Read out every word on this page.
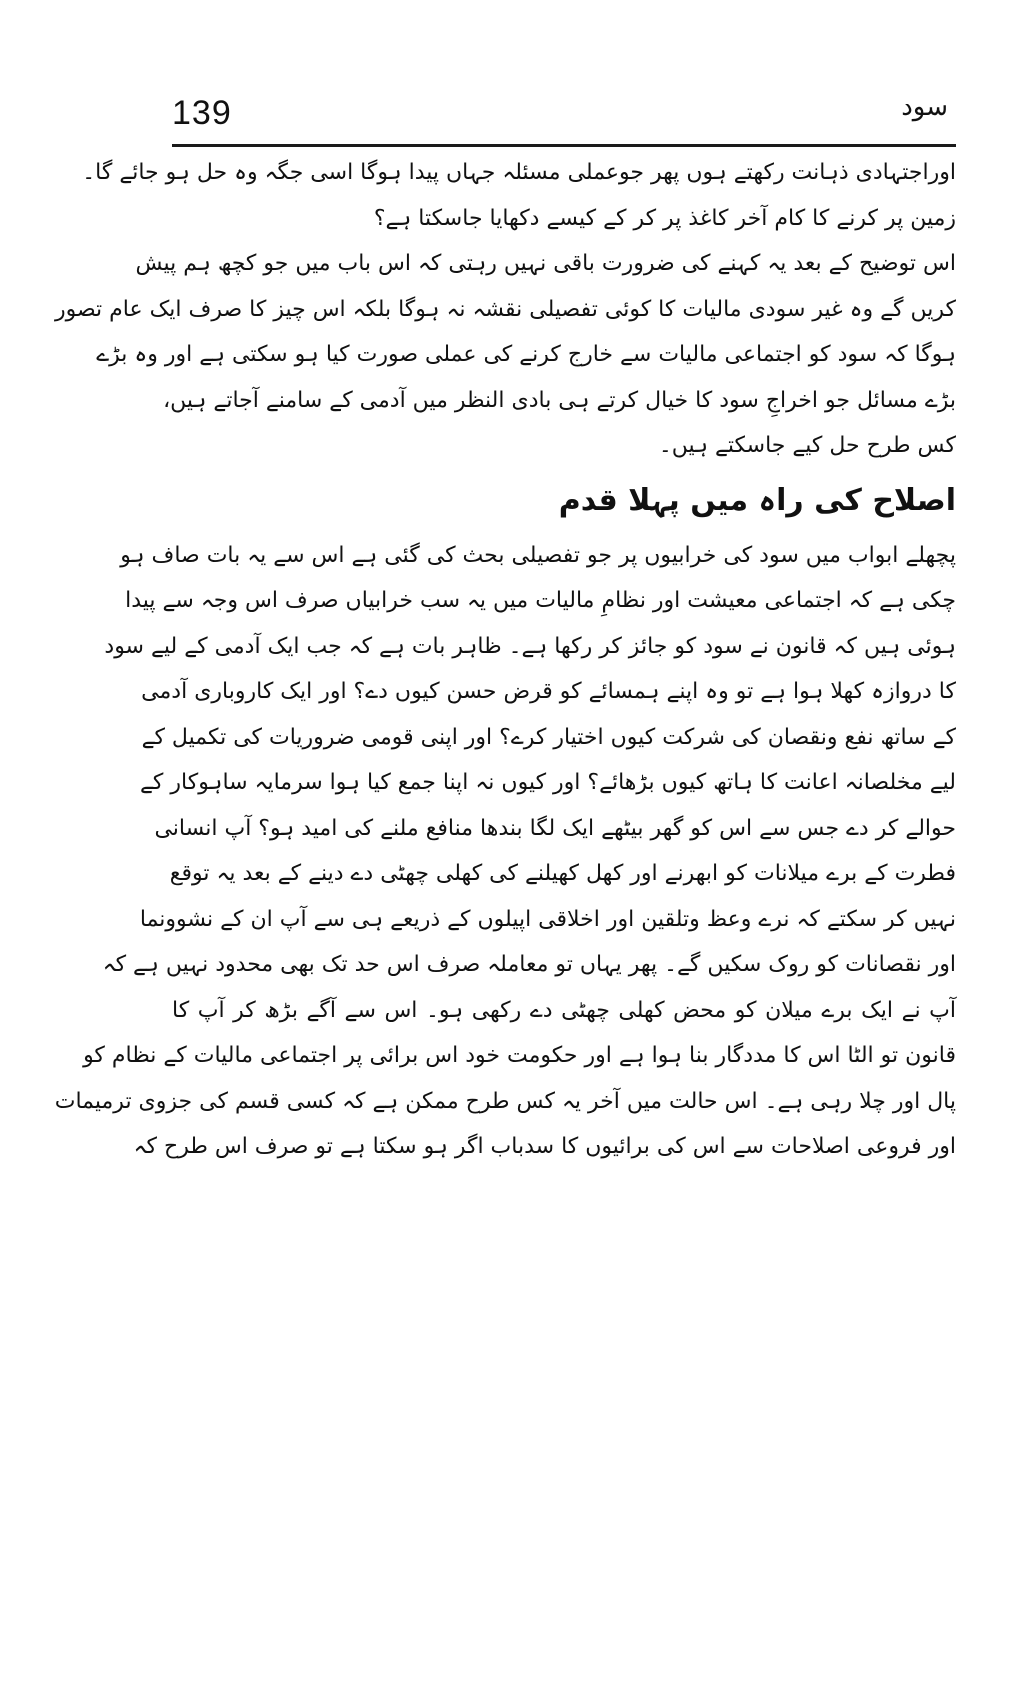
139	سود
اوراجتہادی ذہانت رکھتے ہوں پھر جوعملی مسئلہ جہاں پیدا ہوگا اسی جگہ وہ حل ہو جائے گا۔
زمین پر کرنے کا کام آخر کاغذ پر کر کے کیسے دکھایا جاسکتا ہے؟
اس توضیح کے بعد یہ کہنے کی ضرورت باقی نہیں رہتی کہ اس باب میں جو کچھ ہم پیش
کریں گے وہ غیر سودی مالیات کا کوئی تفصیلی نقشہ نہ ہوگا بلکہ اس چیز کا صرف ایک عام تصور
ہوگا کہ سود کو اجتماعی مالیات سے خارج کرنے کی عملی صورت کیا ہو سکتی ہے اور وہ بڑے
بڑے مسائل جو اخراجِ سود کا خیال کرتے ہی بادی النظر میں آدمی کے سامنے آجاتے ہیں،
کس طرح حل کیے جاسکتے ہیں۔
اصلاح کی راہ میں پہلا قدم
پچھلے ابواب میں سود کی خرابیوں پر جو تفصیلی بحث کی گئی ہے اس سے یہ بات صاف ہو
چکی ہے کہ اجتماعی معیشت اور نظامِ مالیات میں یہ سب خرابیاں صرف اس وجہ سے پیدا
ہوئی ہیں کہ قانون نے سود کو جائز کر رکھا ہے۔ ظاہر بات ہے کہ جب ایک آدمی کے لیے سود
کا دروازہ کھلا ہوا ہے تو وہ اپنے ہمسائے کو قرض حسن کیوں دے؟ اور ایک کاروباری آدمی
کے ساتھ نفع ونقصان کی شرکت کیوں اختیار کرے؟ اور اپنی قومی ضروریات کی تکمیل کے
لیے مخلصانہ اعانت کا ہاتھ کیوں بڑھائے؟ اور کیوں نہ اپنا جمع کیا ہوا سرمایہ ساہوکار کے
حوالے کر دے جس سے اس کو گھر بیٹھے ایک لگا بندھا منافع ملنے کی امید ہو؟ آپ انسانی
فطرت کے برے میلانات کو ابھرنے اور کھل کھیلنے کی کھلی چھٹی دے دینے کے بعد یہ توقع
نہیں کر سکتے کہ نرے وعظ وتلقین اور اخلاقی اپیلوں کے ذریعے ہی سے آپ ان کے نشوونما
اور نقصانات کو روک سکیں گے۔ پھر یہاں تو معاملہ صرف اس حد تک بھی محدود نہیں ہے کہ
آپ نے ایک برے میلان کو محض کھلی چھٹی دے رکھی ہو۔ اس سے آگے بڑھ کر آپ کا
قانون تو الٹا اس کا مددگار بنا ہوا ہے اور حکومت خود اس برائی پر اجتماعی مالیات کے نظام کو
پال اور چلا رہی ہے۔ اس حالت میں آخر یہ کس طرح ممکن ہے کہ کسی قسم کی جزوی ترمیمات
اور فروعی اصلاحات سے اس کی برائیوں کا سدباب اگر ہو سکتا ہے تو صرف اس طرح کہ
